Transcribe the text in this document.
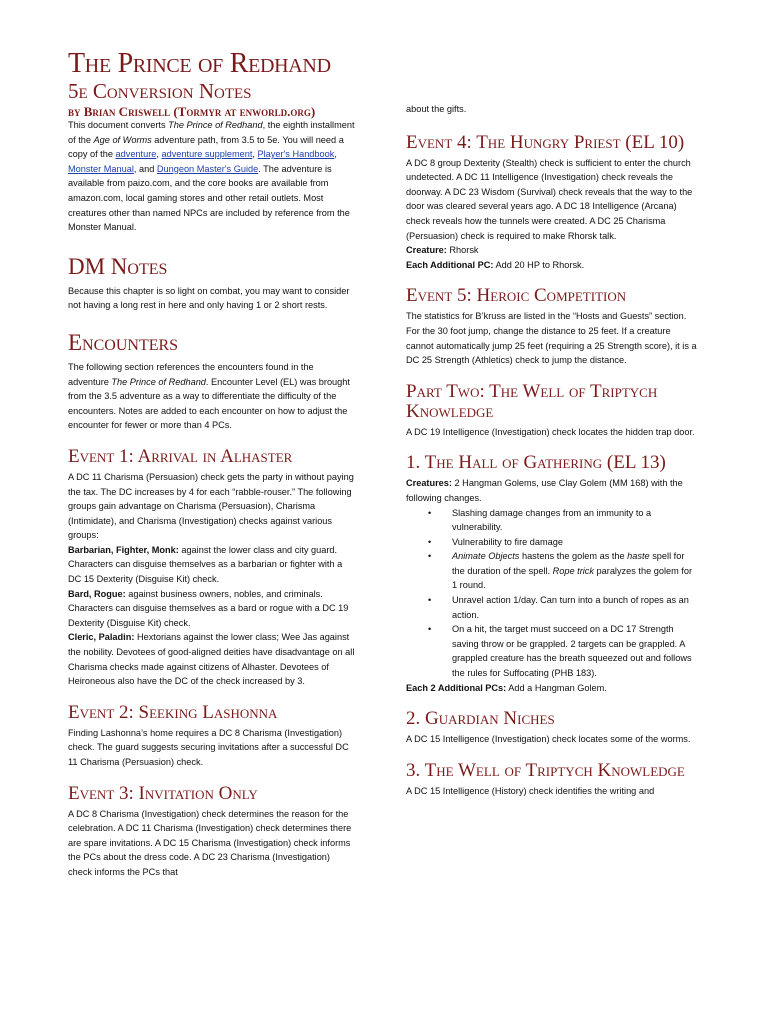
The Prince of Redhand
5e Conversion Notes
by Brian Criswell (Tormyr at enworld.org)

This document converts The Prince of Redhand, the eighth installment of the Age of Worms adventure path, from 3.5 to 5e. You will need a copy of the adventure, adventure supplement, Player's Handbook, Monster Manual, and Dungeon Master's Guide. The adventure is available from paizo.com, and the core books are available from amazon.com, local gaming stores and other retail outlets. Most creatures other than named NPCs are included by reference from the Monster Manual.

DM Notes

Because this chapter is so light on combat, you may want to consider not having a long rest in here and only having 1 or 2 short rests.

Encounters

The following section references the encounters found in the adventure The Prince of Redhand. Encounter Level (EL) was brought from the 3.5 adventure as a way to differentiate the difficulty of the encounters. Notes are added to each encounter on how to adjust the encounter for fewer or more than 4 PCs.

Event 1: Arrival in Alhaster

A DC 11 Charisma (Persuasion) check gets the party in without paying the tax. The DC increases by 4 for each “rabble-rouser.” The following groups gain advantage on Charisma (Persuasion), Charisma (Intimidate), and Charisma (Investigation) checks against various groups:

Barbarian, Fighter, Monk: against the lower class and city guard. Characters can disguise themselves as a barbarian or fighter with a DC 15 Dexterity (Disguise Kit) check.

Bard, Rogue: against business owners, nobles, and criminals. Characters can disguise themselves as a bard or rogue with a DC 19 Dexterity (Disguise Kit) check.

Cleric, Paladin: Hextorians against the lower class; Wee Jas against the nobility. Devotees of good-aligned deities have disadvantage on all Charisma checks made against citizens of Alhaster. Devotees of Heironeous also have the DC of the check increased by 3.

Event 2: Seeking Lashonna

Finding Lashonna’s home requires a DC 8 Charisma (Investigation) check. The guard suggests securing invitations after a successful DC 11 Charisma (Persuasion) check.

Event 3: Invitation Only

A DC 8 Charisma (Investigation) check determines the reason for the celebration. A DC 11 Charisma (Investigation) check determines there are spare invitations. A DC 15 Charisma (Investigation) check informs the PCs about the dress code. A DC 23 Charisma (Investigation) check informs the PCs that

about the gifts.

Event 4: The Hungry Priest (EL 10)

A DC 8 group Dexterity (Stealth) check is sufficient to enter the church undetected. A DC 11 Intelligence (Investigation) check reveals the doorway. A DC 23 Wisdom (Survival) check reveals that the way to the door was cleared several years ago. A DC 18 Intelligence (Arcana) check reveals how the tunnels were created. A DC 25 Charisma (Persuasion) check is required to make Rhorsk talk.

Creature: Rhorsk

Each Additional PC: Add 20 HP to Rhorsk.

Event 5: Heroic Competition

The statistics for B’kruss are listed in the “Hosts and Guests” section. For the 30 foot jump, change the distance to 25 feet. If a creature cannot automatically jump 25 feet (requiring a 25 Strength score), it is a DC 25 Strength (Athletics) check to jump the distance.

Part Two: The Well of Triptych Knowledge

A DC 19 Intelligence (Investigation) check locates the hidden trap door.

1. The Hall of Gathering (EL 13)

Creatures: 2 Hangman Golems, use Clay Golem (MM 168) with the following changes.

• Slashing damage changes from an immunity to a vulnerability.
• Vulnerability to fire damage
• Animate Objects hastens the golem as the haste spell for the duration of the spell. Rope trick paralyzes the golem for 1 round.
• Unravel action 1/day. Can turn into a bunch of ropes as an action.
• On a hit, the target must succeed on a DC 17 Strength saving throw or be grappled. 2 targets can be grappled. A grappled creature has the breath squeezed out and follows the rules for Suffocating (PHB 183).

Each 2 Additional PCs: Add a Hangman Golem.

2. Guardian Niches

A DC 15 Intelligence (Investigation) check locates some of the worms.

3. The Well of Triptych Knowledge

A DC 15 Intelligence (History) check identifies the writing and
